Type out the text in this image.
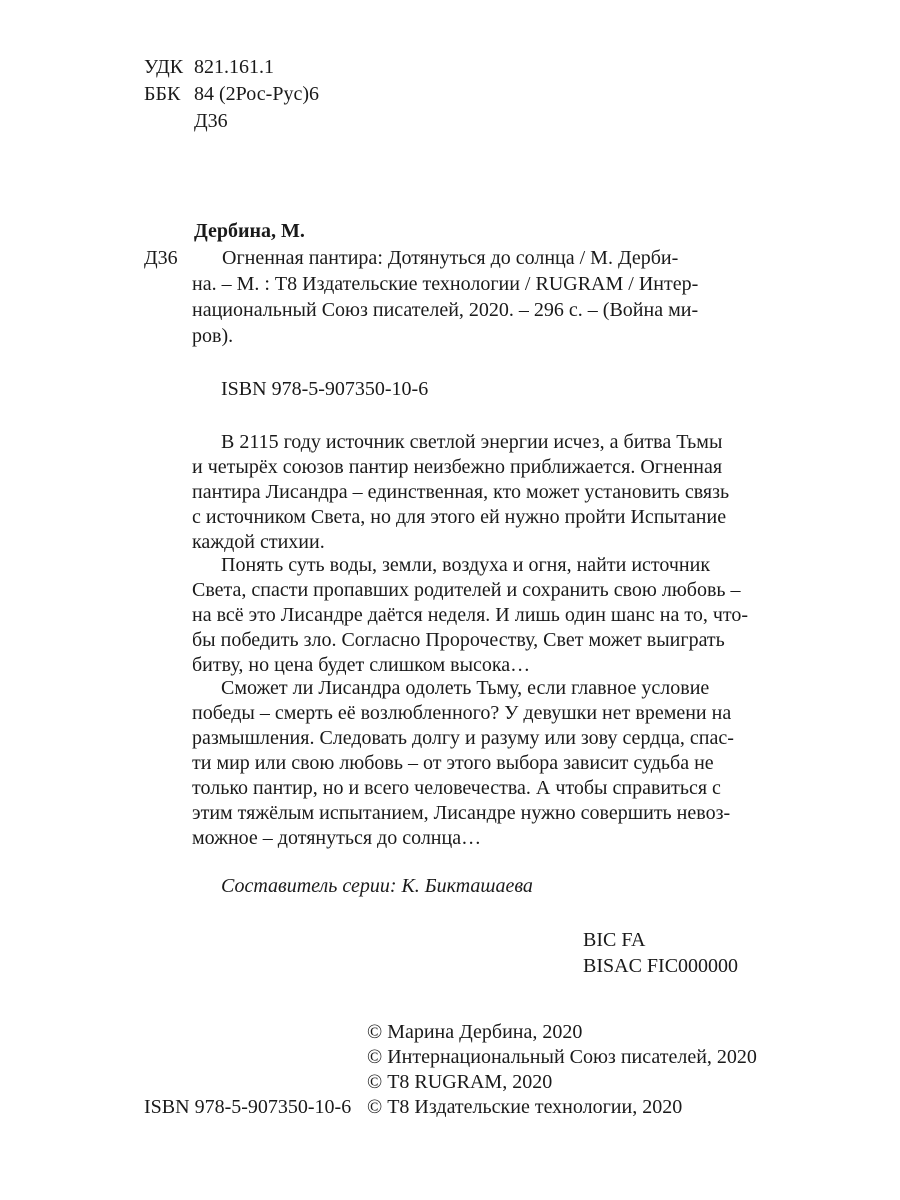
УДК 821.161.1
ББК 84 (2Рос-Рус)6
Д36
Дербина, М.
Д36 Огненная пантира: Дотянуться до солнца / М. Дерби-
на. – М. : Т8 Издательские технологии / RUGRAM / Интер-
национальный Союз писателей, 2020. – 296 с. – (Война ми-
ров).
ISBN 978-5-907350-10-6
В 2115 году источник светлой энергии исчез, а битва Тьмы
и четырёх союзов пантир неизбежно приближается. Огненная
пантира Лисандра – единственная, кто может установить связь
с источником Света, но для этого ей нужно пройти Испытание
каждой стихии.
Понять суть воды, земли, воздуха и огня, найти источник
Света, спасти пропавших родителей и сохранить свою любовь –
на всё это Лисандре даётся неделя. И лишь один шанс на то, что-
бы победить зло. Согласно Пророчеству, Свет может выиграть
битву, но цена будет слишком высока…
Сможет ли Лисандра одолеть Тьму, если главное условие
победы – смерть её возлюбленного? У девушки нет времени на
размышления. Следовать долгу и разуму или зову сердца, спас-
ти мир или свою любовь – от этого выбора зависит судьба не
только пантир, но и всего человечества. А чтобы справиться с
этим тяжёлым испытанием, Лисандре нужно совершить невоз-
можное – дотянуться до солнца…
Составитель серии: К. Бикташаева
BIC FA
BISAC FIC000000
© Марина Дербина, 2020
© Интернациональный Союз писателей, 2020
© Т8 RUGRAM, 2020
ISBN 978-5-907350-10-6 © Т8 Издательские технологии, 2020
